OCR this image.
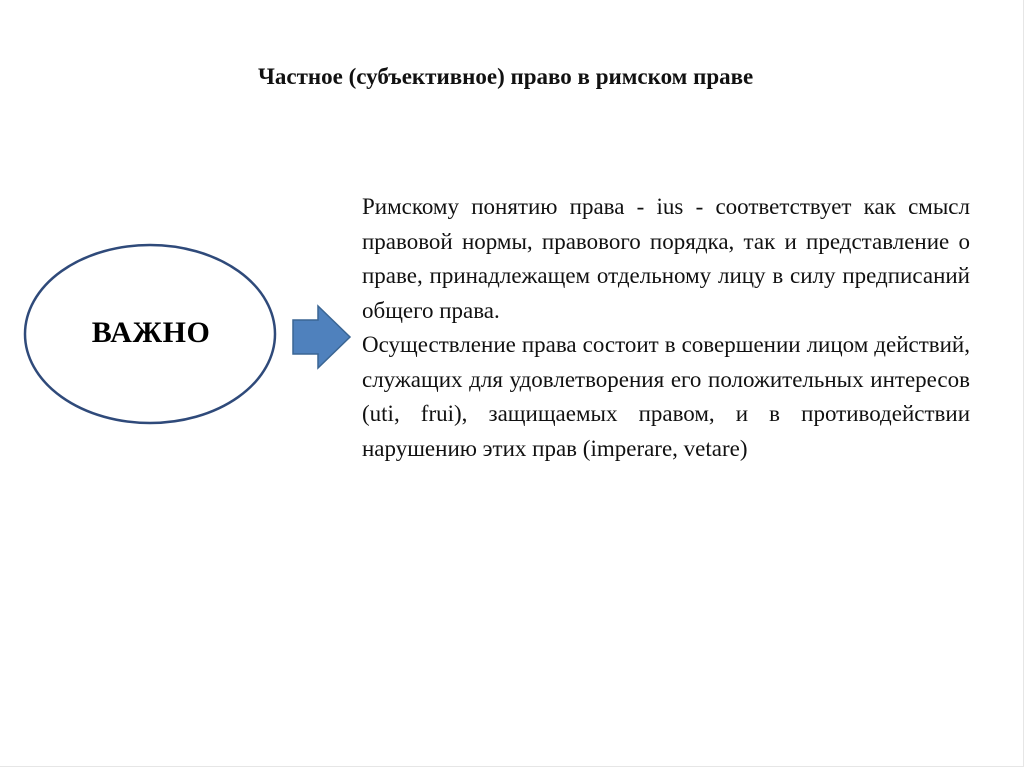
Частное (субъективное) право в римском праве
ВАЖНО

Римскому понятию права - ius - соответствует как смысл правовой нормы, правового порядка, так и представление о праве, принадлежащем отдельному лицу в силу предписаний общего права.

Осуществление права состоит в совершении лицом действий, служащих для удовлетворения его положительных интересов (uti, frui), защищаемых правом, и в противодействии нарушению этих прав (imperare, vetare)
